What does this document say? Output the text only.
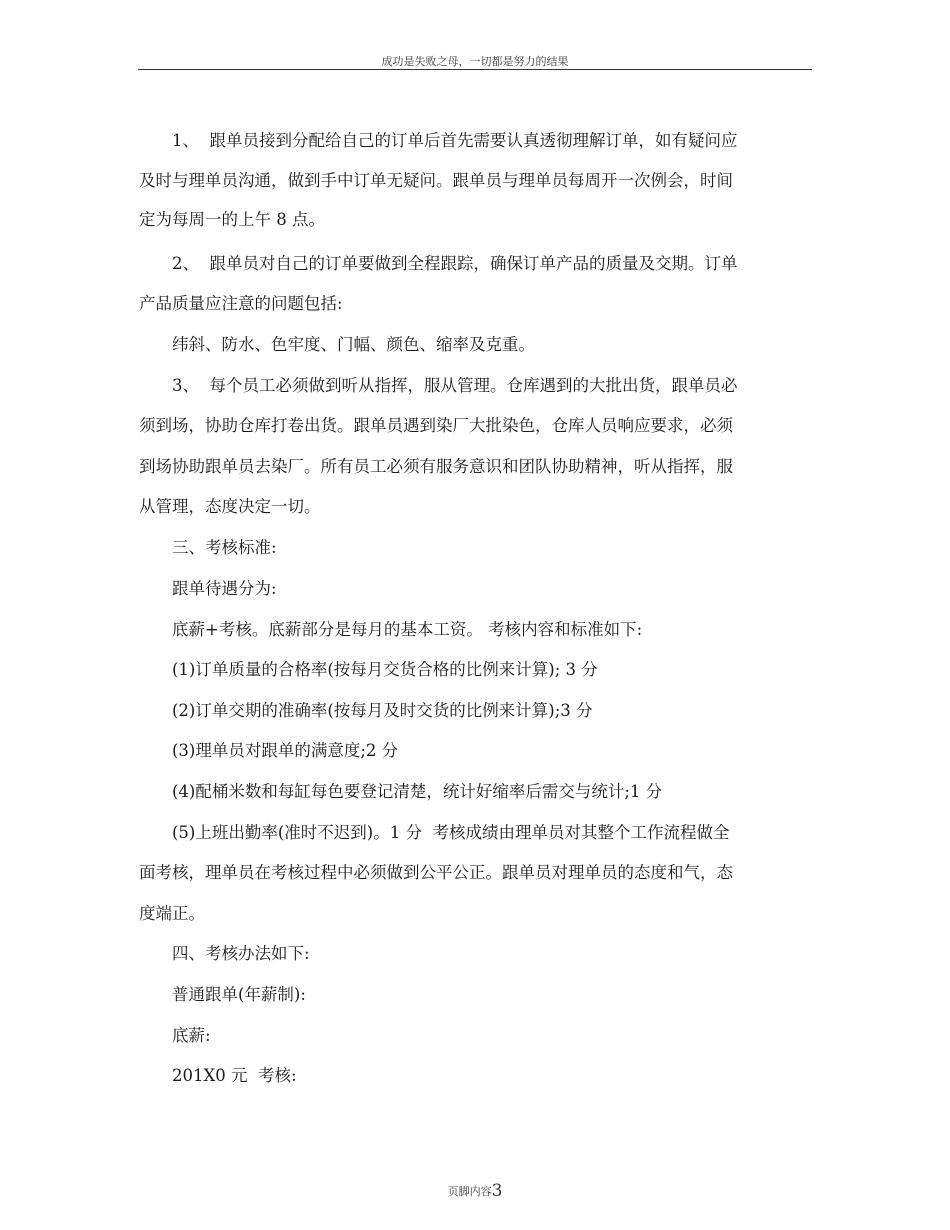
成功是失败之母，一切都是努力的结果
1、  跟单员接到分配给自己的订单后首先需要认真透彻理解订单，如有疑问应
及时与理单员沟通，做到手中订单无疑问。跟单员与理单员每周开一次例会，时间
定为每周一的上午 8 点。
2、  跟单员对自己的订单要做到全程跟踪，确保订单产品的质量及交期。订单
产品质量应注意的问题包括:
纬斜、防水、色牢度、门幅、颜色、缩率及克重。
3、  每个员工必须做到听从指挥，服从管理。仓库遇到的大批出货，跟单员必
须到场，协助仓库打卷出货。跟单员遇到染厂大批染色，仓库人员响应要求，必须
到场协助跟单员去染厂。所有员工必须有服务意识和团队协助精神，听从指挥，服
从管理，态度决定一切。
三、考核标准:
跟单待遇分为:
底薪+考核。底薪部分是每月的基本工资。 考核内容和标准如下:
(1)订单质量的合格率(按每月交货合格的比例来计算); 3 分
(2)订单交期的准确率(按每月及时交货的比例来计算);3 分
(3)理单员对跟单的满意度;2 分
(4)配桶米数和每缸每色要登记清楚，统计好缩率后需交与统计;1 分
(5)上班出勤率(准时不迟到)。1 分  考核成绩由理单员对其整个工作流程做全
面考核，理单员在考核过程中必须做到公平公正。跟单员对理单员的态度和气，态
度端正。
四、考核办法如下:
普通跟单(年薪制):
底薪:
201X0 元  考核:
页脚内容3
